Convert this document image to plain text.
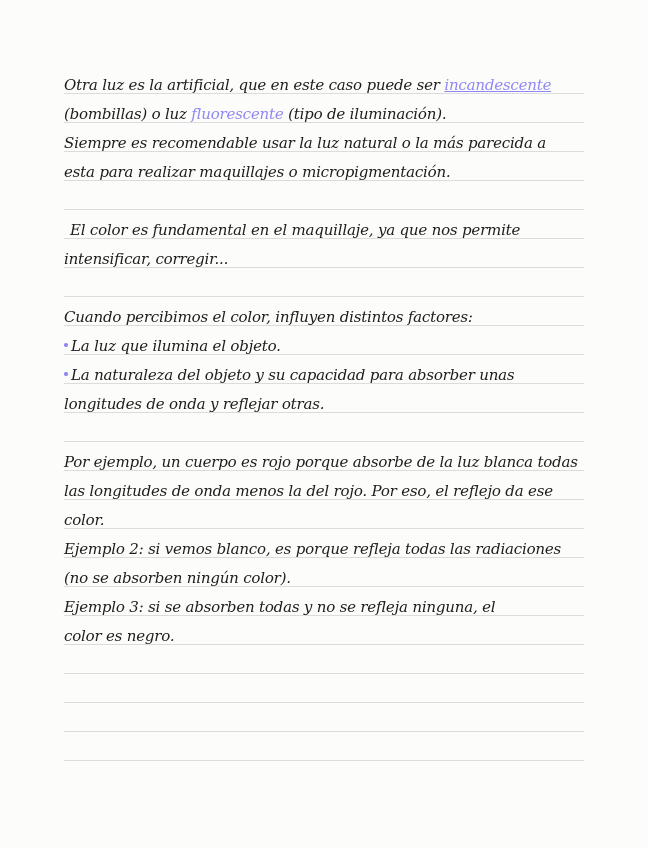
Otra luz es la artificial, que en este caso puede ser incandescente
(bombillas) o luz fluorescente (tipo de iluminación).
Siempre es recomendable usar la luz natural o la más parecida a
esta para realizar maquillajes o micropigmentación.
El color es fundamental en el maquillaje, ya que nos permite
intensificar, corregir...
Cuando percibimos el color, influyen distintos factores:
La luz que ilumina el objeto.
La naturaleza del objeto y su capacidad para absorber unas
longitudes de onda y reflejar otras.
Por ejemplo, un cuerpo es rojo porque absorbe de la luz blanca todas
las longitudes de onda menos la del rojo. Por eso, el reflejo da ese
color.
Ejemplo 2: si vemos blanco, es porque refleja todas las radiaciones
(no se absorben ningún color).
Ejemplo 3: si se absorben todas y no se refleja ninguna, el
color es negro.
